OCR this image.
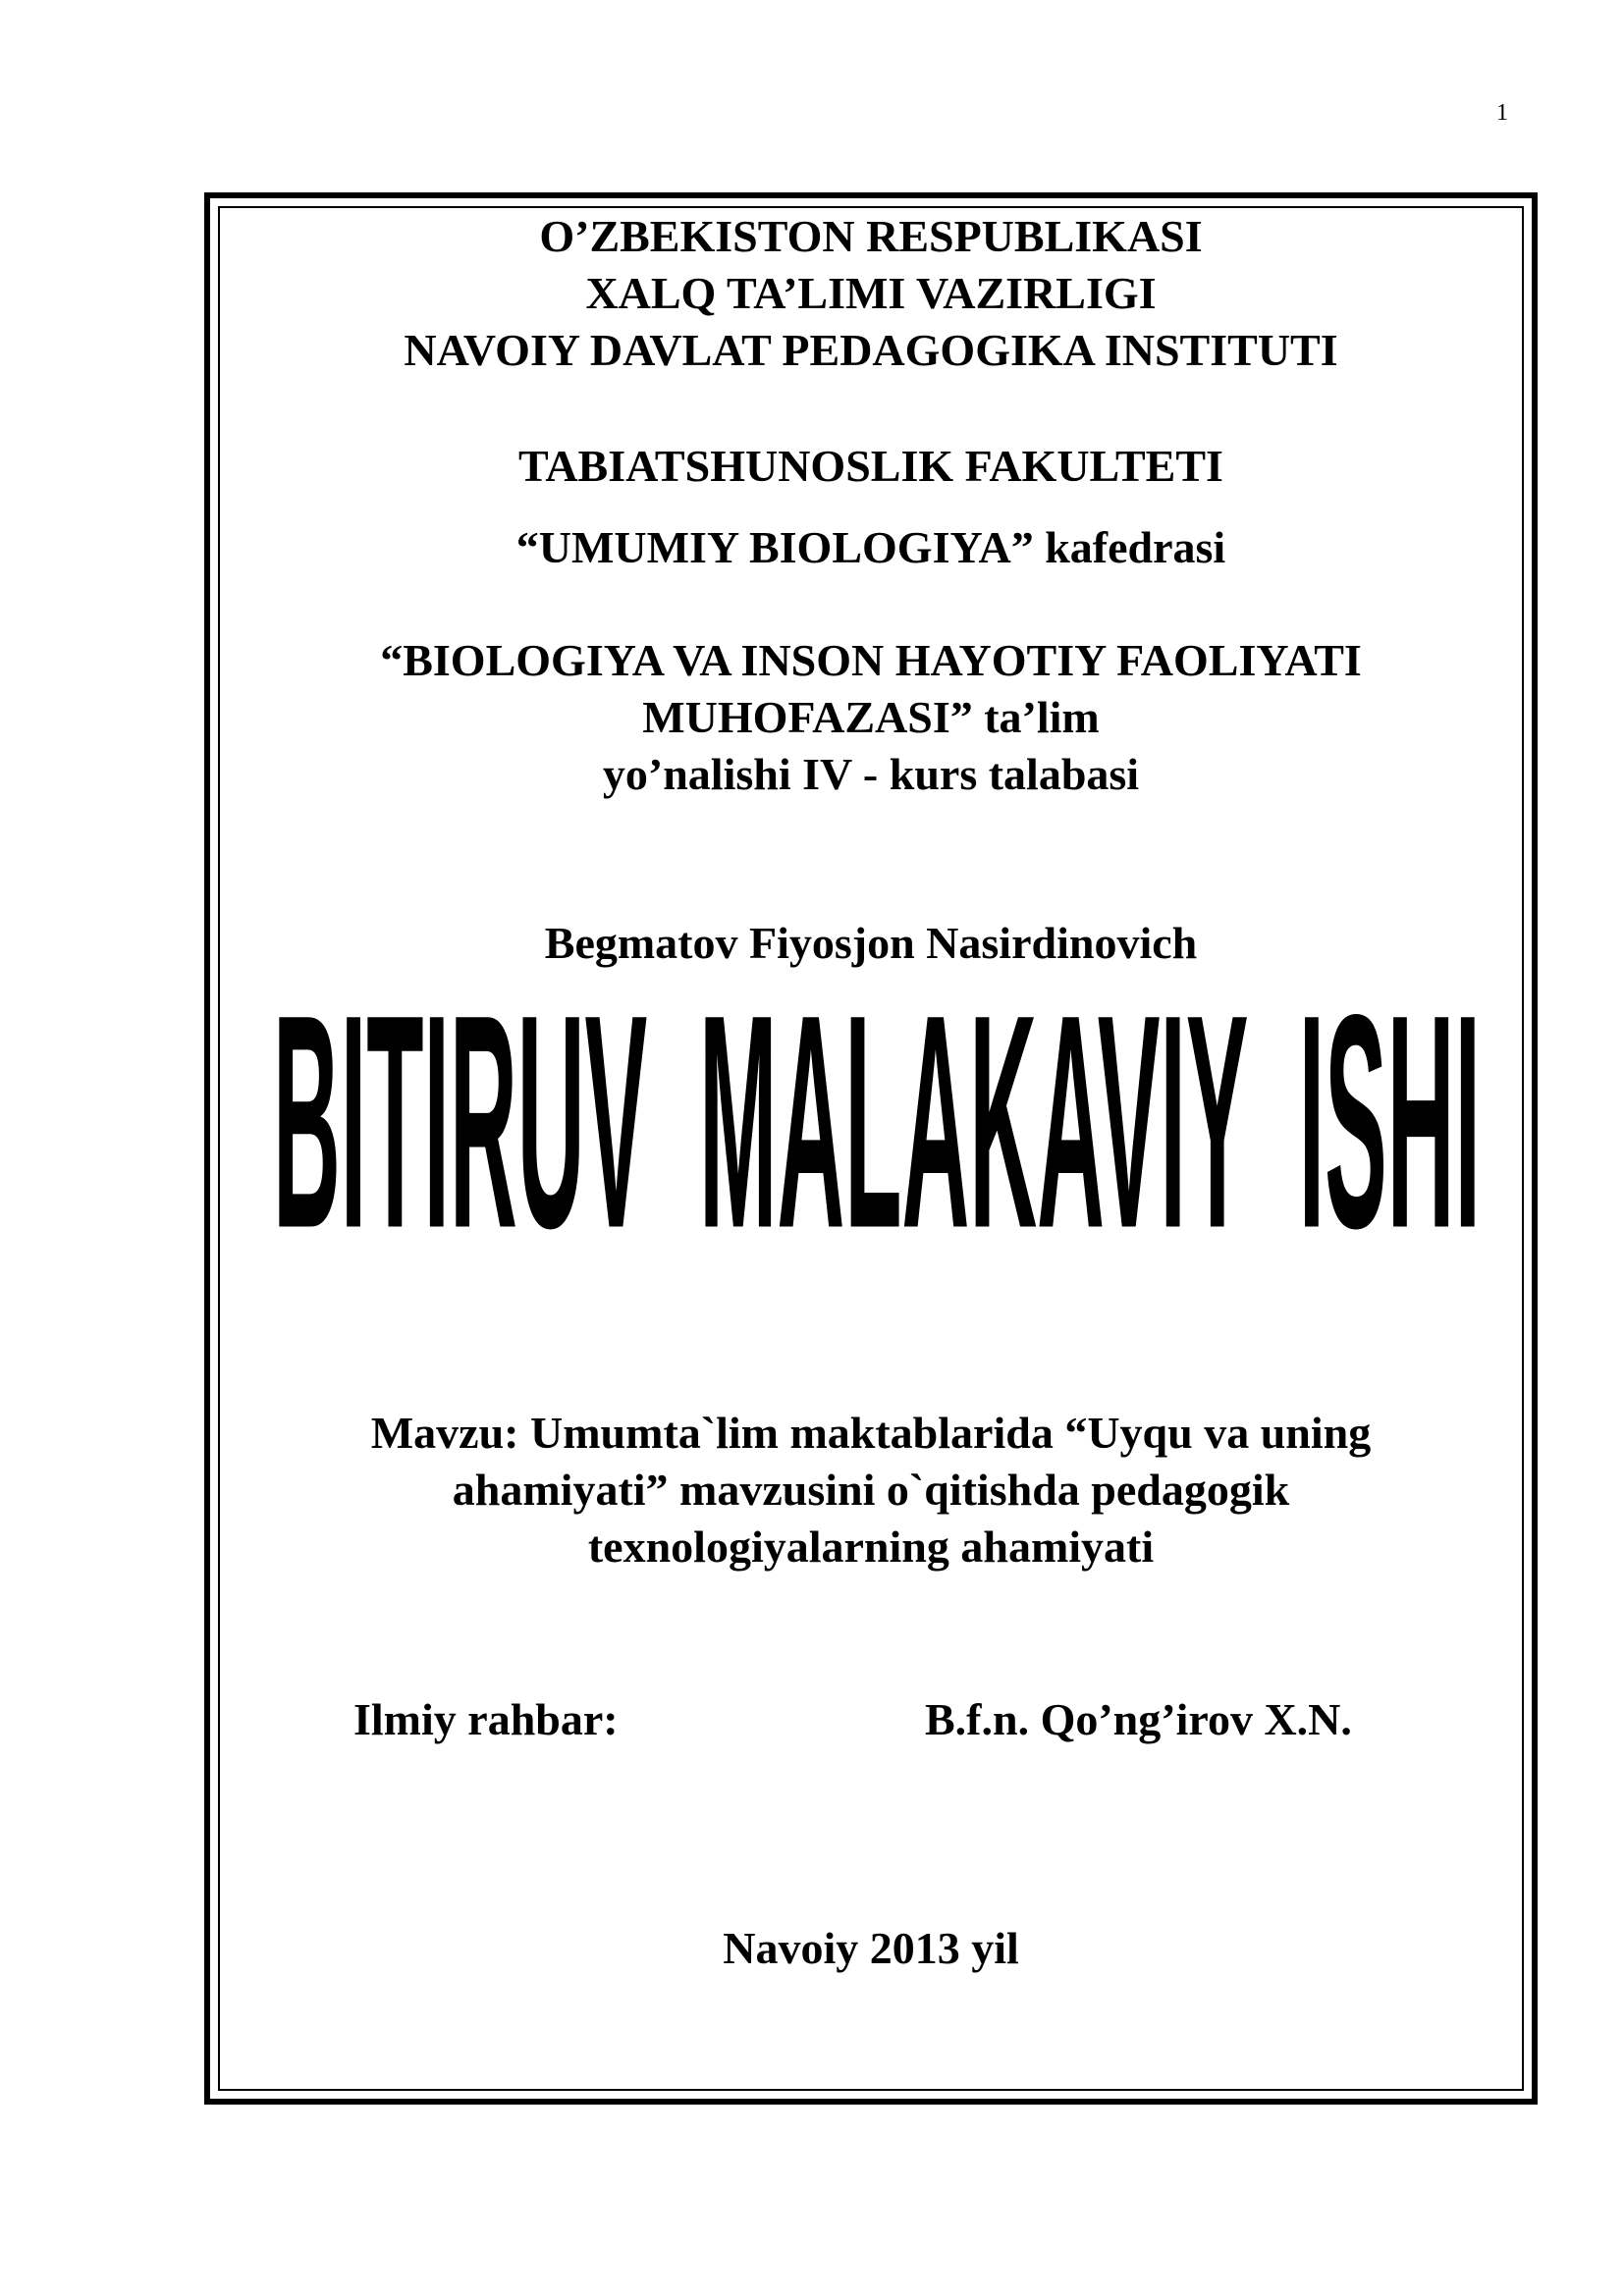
1
O’ZBEKISTON RESPUBLIKASI
XALQ TA’LIMI VAZIRLIGI
NAVOIY DAVLAT PEDAGOGIKA INSTITUTI
TABIATSHUNOSLIK FAKULTETI
“UMUMIY BIOLOGIYA” kafedrasi
“BIOLOGIYA VA INSON HAYOTIY FAOLIYATI
MUHOFAZASI” ta’lim
yo’nalishi IV - kurs talabasi
Begmatov Fiyosjon Nasirdinovich
BITIRUV  MALAKAVIY  ISHI
Mavzu: Umumta`lim maktablarida “Uyqu va uning
ahamiyati” mavzusini o`qitishda pedagogik
texnologiyalarning ahamiyati
Ilmiy rahbar:	B.f.n. Qo’ng’irov X.N.
Navoiy 2013 yil
